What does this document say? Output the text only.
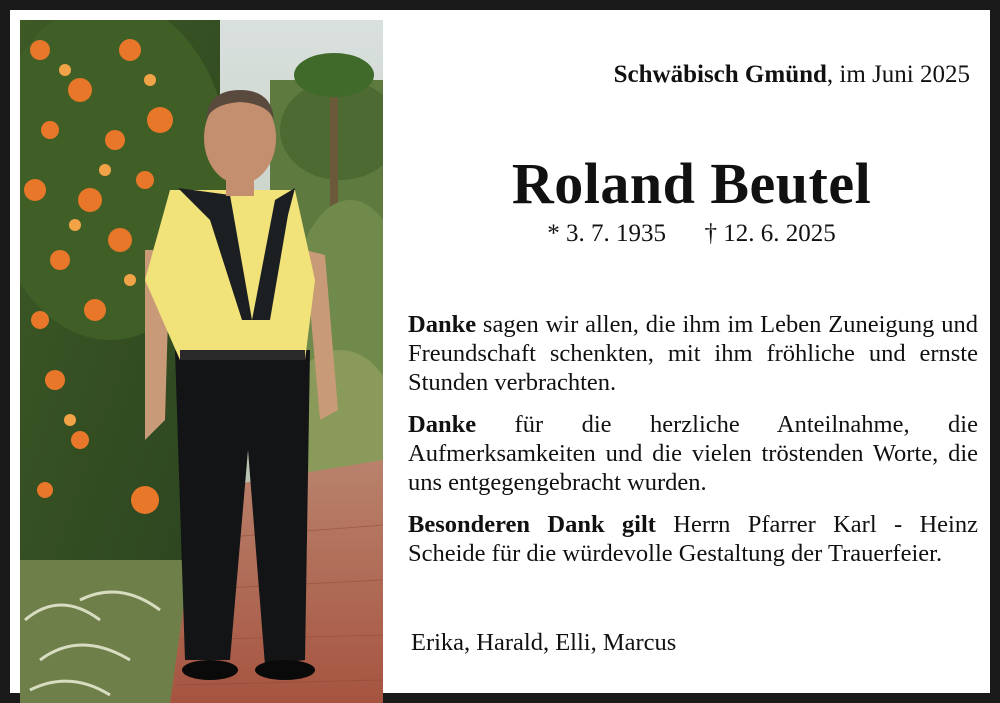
Schwäbisch Gmünd, im Juni 2025
Roland Beutel
* 3. 7. 1935 † 12. 6. 2025

Danke sagen wir allen, die ihm im Leben Zuneigung und Freundschaft schenkten, mit ihm fröhliche und ernste Stunden verbrachten.

Danke für die herzliche Anteilnahme, die Aufmerksamkeiten und die vielen tröstenden Worte, die uns entgegengebracht wurden.

Besonderen Dank gilt Herrn Pfarrer Karl - Heinz Scheide für die würdevolle Gestaltung der Trauerfeier.

Erika, Harald, Elli, Marcus
